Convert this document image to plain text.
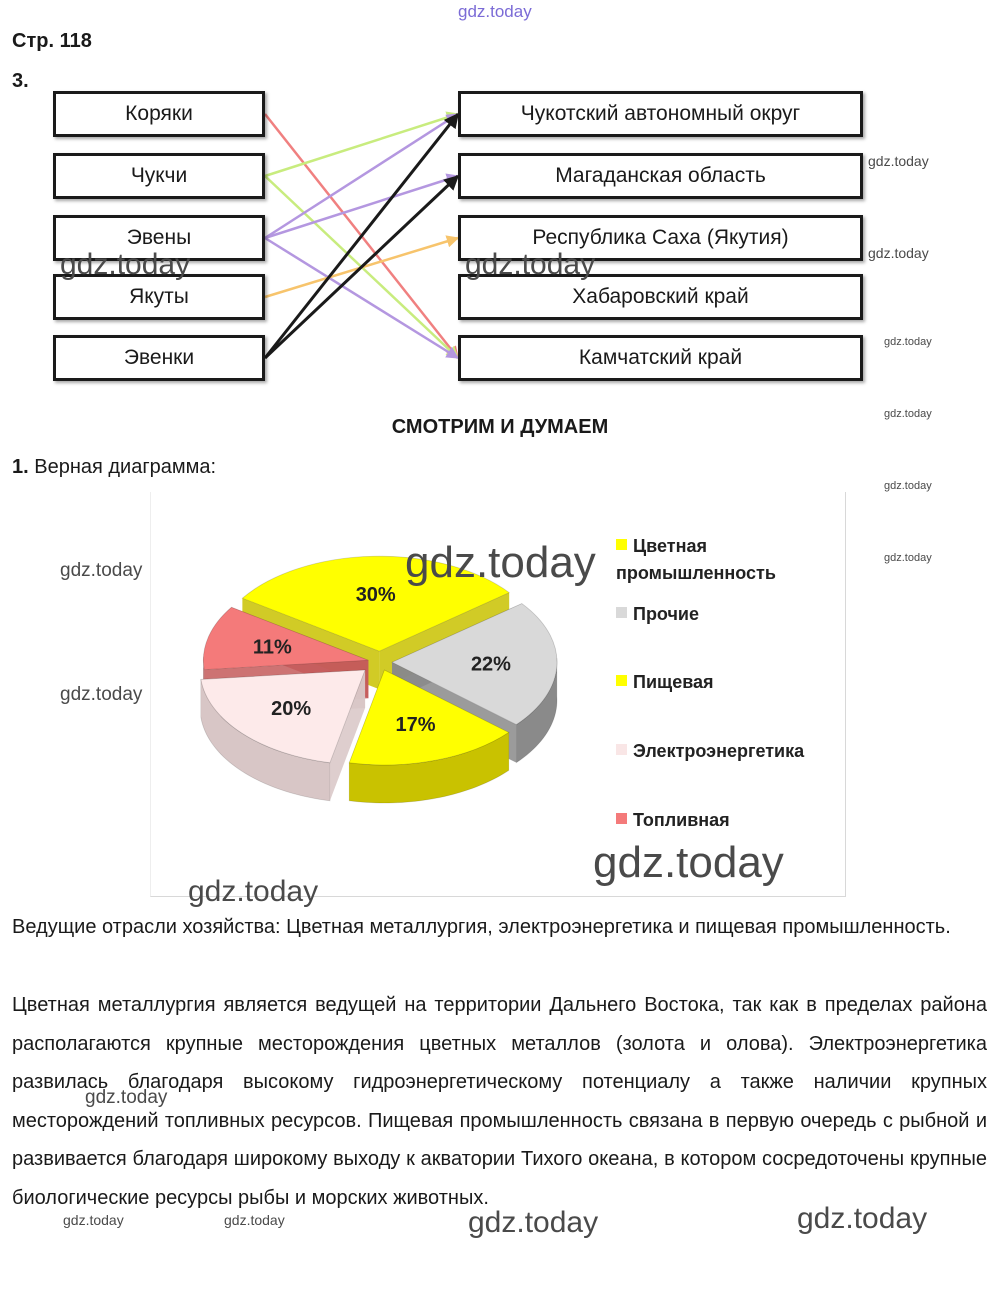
gdz.today
Стр. 118
3.
Коряки
Чукчи
Эвены
Якуты
Эвенки
Чукотский автономный округ
Магаданская область
Республика Саха (Якутия)
Хабаровский край
Камчатский край
СМОТРИМ И ДУМАЕМ
1. Верная диаграмма:
30%
22%
17%
20%
11%
Цветная промышленность
Прочие
Пищевая
Электроэнергетика
Топливная
Ведущие отрасли хозяйства: Цветная металлургия, электроэнергетика и пищевая промышленность.
Цветная металлургия является ведущей на территории Дальнего Востока, так как в пределах района располагаются крупные месторождения цветных металлов (золота и олова). Электроэнергетика развилась благодаря высокому гидроэнергетическому потенциалу а также наличии крупных месторождений топливных ресурсов. Пищевая промышленность связана в первую очередь с рыбной и развивается благодаря широкому выходу к акватории Тихого океана, в котором сосредоточены крупные биологические ресурсы рыбы и морских животных.
gdz.today
gdz.today
gdz.today
gdz.today
gdz.today
gdz.today
gdz.today	gdz.today
gdz.today
gdz.today
gdz.today
gdz.today
gdz.today
gdz.today
gdz.today	gdz.today	gdz.today	gdz.today
